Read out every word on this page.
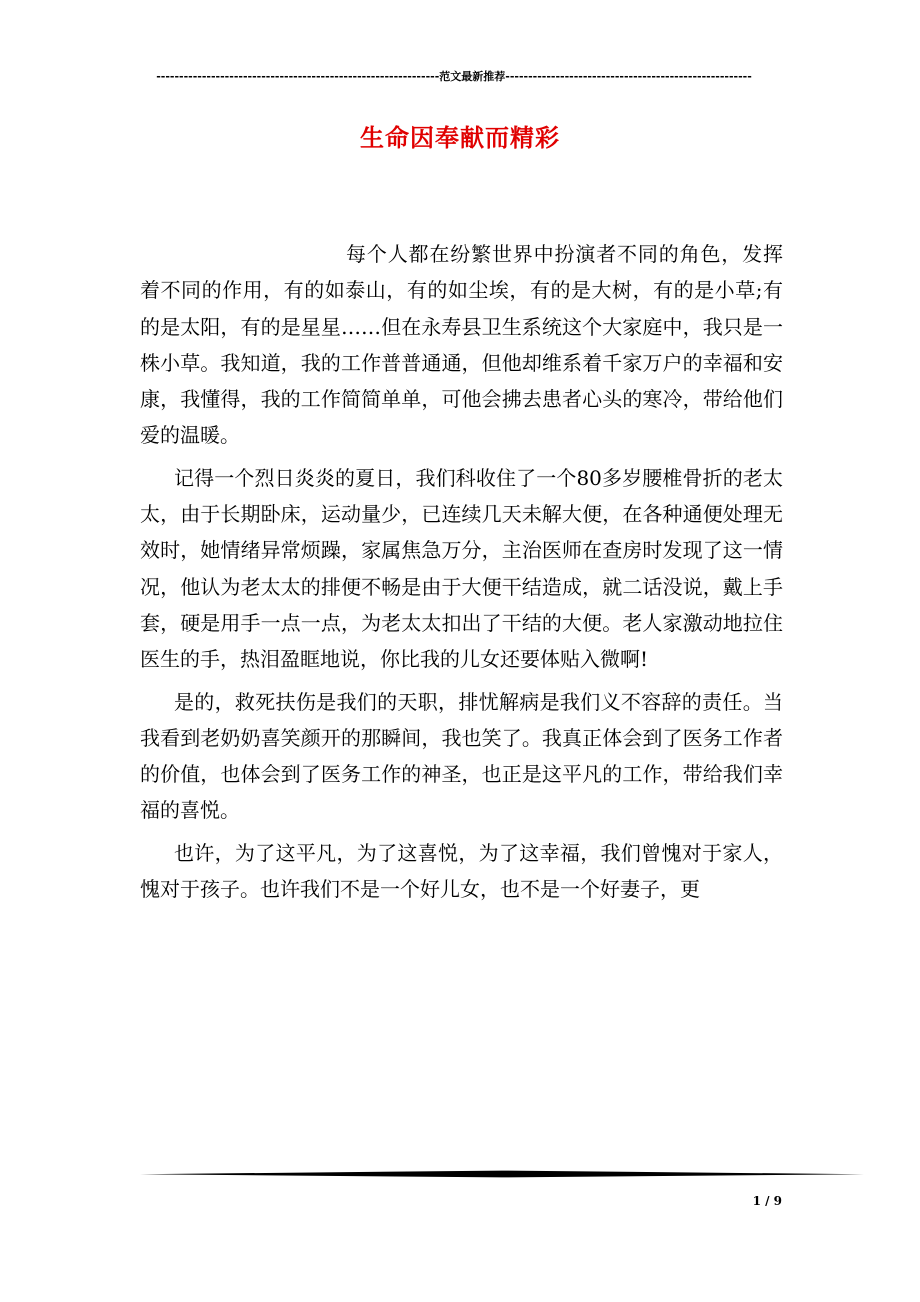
--------------------------------------------------------------范文最新推荐------------------------------------------------------
生命因奉献而精彩

每个人都在纷繁世界中扮演者不同的角色，发挥着不同的作用，有的如泰山，有的如尘埃，有的是大树，有的是小草;有的是太阳，有的是星星……但在永寿县卫生系统这个大家庭中，我只是一株小草。我知道，我的工作普普通通，但他却维系着千家万户的幸福和安康，我懂得，我的工作简简单单，可他会拂去患者心头的寒冷，带给他们爱的温暖。

记得一个烈日炎炎的夏日，我们科收住了一个80多岁腰椎骨折的老太太，由于长期卧床，运动量少，已连续几天未解大便，在各种通便处理无效时，她情绪异常烦躁，家属焦急万分，主治医师在查房时发现了这一情况，他认为老太太的排便不畅是由于大便干结造成，就二话没说，戴上手套，硬是用手一点一点，为老太太扣出了干结的大便。老人家激动地拉住医生的手，热泪盈眶地说，你比我的儿女还要体贴入微啊!

是的，救死扶伤是我们的天职，排忧解病是我们义不容辞的责任。当我看到老奶奶喜笑颜开的那瞬间，我也笑了。我真正体会到了医务工作者的价值，也体会到了医务工作的神圣，也正是这平凡的工作，带给我们幸福的喜悦。

也许，为了这平凡，为了这喜悦，为了这幸福，我们曾愧对于家人，愧对于孩子。也许我们不是一个好儿女，也不是一个好妻子，更

1 / 9
